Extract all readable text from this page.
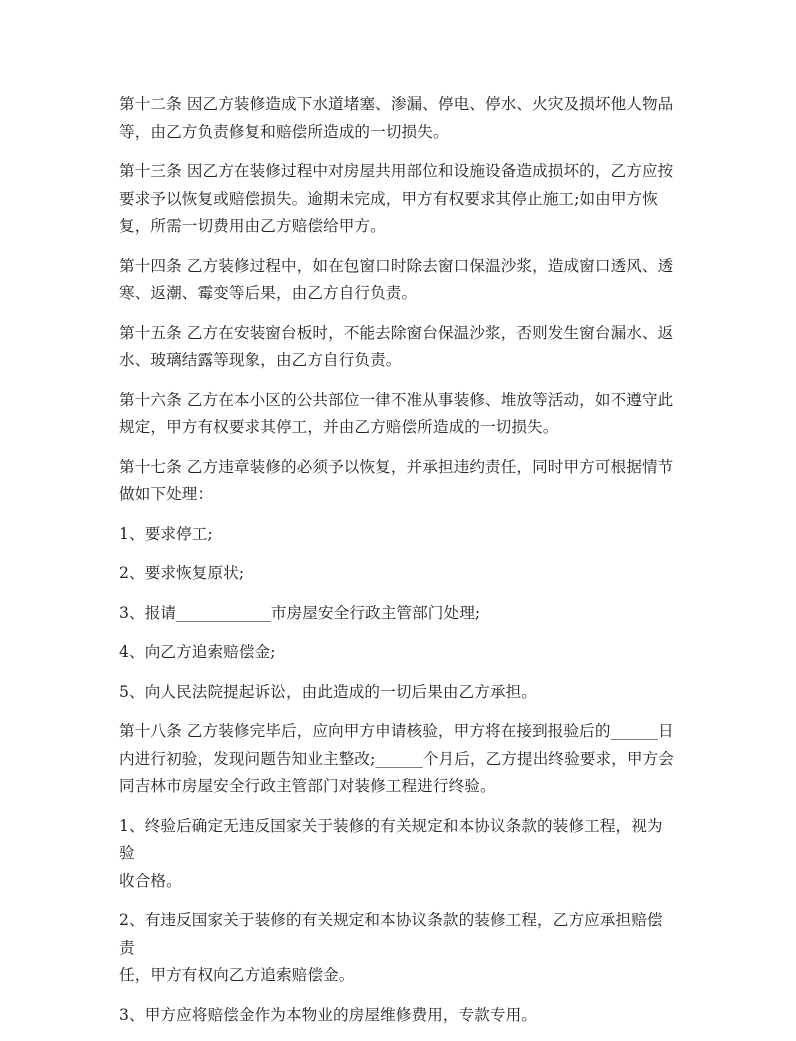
第十二条 因乙方装修造成下水道堵塞、渗漏、停电、停水、火灾及损坏他人物品
等，由乙方负责修复和赔偿所造成的一切损失。

第十三条 因乙方在装修过程中对房屋共用部位和设施设备造成损坏的，乙方应按
要求予以恢复或赔偿损失。逾期未完成，甲方有权要求其停止施工;如由甲方恢
复，所需一切费用由乙方赔偿给甲方。

第十四条 乙方装修过程中，如在包窗口时除去窗口保温沙浆，造成窗口透风、透
寒、返潮、霉变等后果，由乙方自行负责。

第十五条 乙方在安装窗台板时，不能去除窗台保温沙浆，否则发生窗台漏水、返
水、玻璃结露等现象，由乙方自行负责。

第十六条 乙方在本小区的公共部位一律不准从事装修、堆放等活动，如不遵守此
规定，甲方有权要求其停工，并由乙方赔偿所造成的一切损失。

第十七条 乙方违章装修的必须予以恢复，并承担违约责任，同时甲方可根据情节
做如下处理：

1、要求停工;

2、要求恢复原状;

3、报请____________市房屋安全行政主管部门处理;

4、向乙方追索赔偿金;

5、向人民法院提起诉讼，由此造成的一切后果由乙方承担。

第十八条 乙方装修完毕后，应向甲方申请核验，甲方将在接到报验后的______日
内进行初验，发现问题告知业主整改;______个月后，乙方提出终验要求，甲方会
同吉林市房屋安全行政主管部门对装修工程进行终验。

1、终验后确定无违反国家关于装修的有关规定和本协议条款的装修工程，视为验
收合格。

2、有违反国家关于装修的有关规定和本协议条款的装修工程，乙方应承担赔偿责
任，甲方有权向乙方追索赔偿金。

3、甲方应将赔偿金作为本物业的房屋维修费用，专款专用。
